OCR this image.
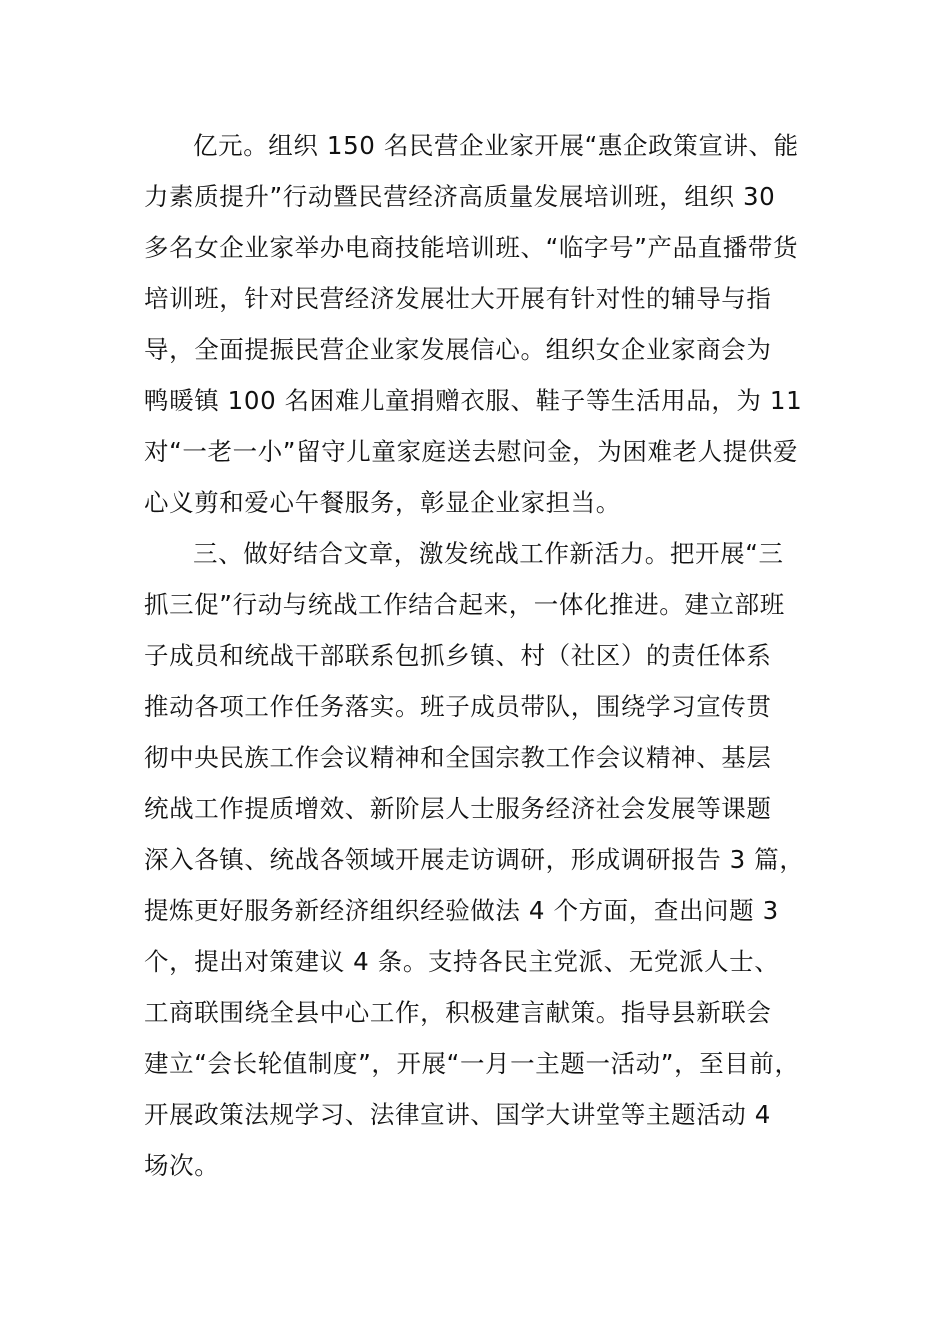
亿元。组织 150 名民营企业家开展“惠企政策宣讲、能
力素质提升”行动暨民营经济高质量发展培训班，组织 30
多名女企业家举办电商技能培训班、“临字号”产品直播带货
培训班，针对民营经济发展壮大开展有针对性的辅导与指
导，全面提振民营企业家发展信心。组织女企业家商会为
鸭暖镇 100 名困难儿童捐赠衣服、鞋子等生活用品，为 11
对“一老一小”留守儿童家庭送去慰问金，为困难老人提供爱
心义剪和爱心午餐服务，彰显企业家担当。
三、做好结合文章，激发统战工作新活力。把开展“三
抓三促”行动与统战工作结合起来，一体化推进。建立部班
子成员和统战干部联系包抓乡镇、村（社区）的责任体系
推动各项工作任务落实。班子成员带队，围绕学习宣传贯
彻中央民族工作会议精神和全国宗教工作会议精神、基层
统战工作提质增效、新阶层人士服务经济社会发展等课题
深入各镇、统战各领域开展走访调研，形成调研报告 3 篇，
提炼更好服务新经济组织经验做法 4 个方面，查出问题 3
个，提出对策建议 4 条。支持各民主党派、无党派人士、
工商联围绕全县中心工作，积极建言献策。指导县新联会
建立“会长轮值制度”，开展“一月一主题一活动”，至目前，
开展政策法规学习、法律宣讲、国学大讲堂等主题活动 4
场次。
